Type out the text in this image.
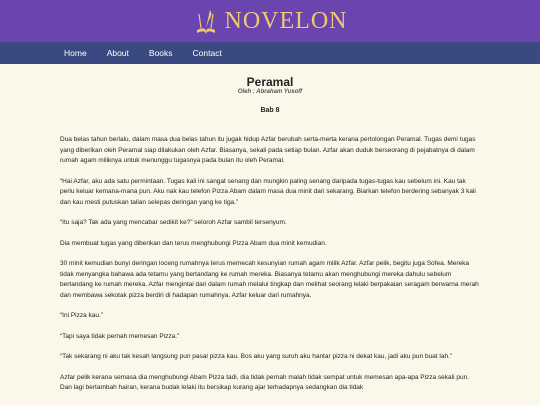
NOVELON
Home About Books Contact
Peramal
Oleh : Abraham Yusoff
Bab 8

Dua belas tahun berlalu, dalam masa dua belas tahun itu jugak hidup Azfar berubah serta-merta kerana pertolongan Peramal. Tugas demi tugas yang diberikan oleh Peramal siap dilakukan oleh Azfar. Biasanya, sekali pada setiap bulan. Azfar akan duduk berseorang di pejabatnya di dalam rumah agam miliknya untuk menunggu tugasnya pada bulan itu oleh Peramal.

“Hai Azfar, aku ada satu permintaan. Tugas kali ini sangat senang dan mungkin paling senang daripada tugas-tugas kau sebelum ini. Kau tak perlu keluar kemana-mana pun. Aku nak kau telefon Pizza Abam dalam masa dua minit dari sekarang. Biarkan telefon berdering sebanyak 3 kali dan kau mesti putuskan talian selepas deringan yang ke tiga.”

“Itu saja? Tak ada yang mencabar sedikit ke?” seloroh Azfar sambil tersenyum.

Dia membuat tugas yang diberikan dan terus menghubungi Pizza Abam dua minit kemudian.

30 minit kemudian bunyi deringan loceng rumahnya terus memecah kesunyian rumah agam milik Azfar. Azfar pelik, begitu juga Sofea. Mereka tidak menyangka bahawa ada tetamu yang bertandang ke rumah mereka. Biasanya tetamu akan menghubungi mereka dahulu sebelum bertandang ke rumah mereka. Azfar mengintai dari dalam rumah melalui tingkap dan melihat seorang lelaki berpakaian seragam berwarna merah dan membawa sekotak pizza berdiri di hadapan rumahnya. Azfar keluar dari rumahnya.

“Ini Pizza kau.”

“Tapi saya tidak pernah memesan Pizza.”

“Tak sekarang ni aku tak kesah langsung pun pasal pizza kau. Bos aku yang suruh aku hantar pizza ni dekat kau, jadi aku pun buat lah.”

Azfar pelik kerana semasa dia menghubungi Abam Pizza tadi, dia tidak pernah malah tidak sempat untuk memesan apa-apa Pizza sekali pun. Dan lagi bertambah hairan, kerana budak lelaki itu bersikap kurang ajar terhadapnya sedangkan dia tidak
